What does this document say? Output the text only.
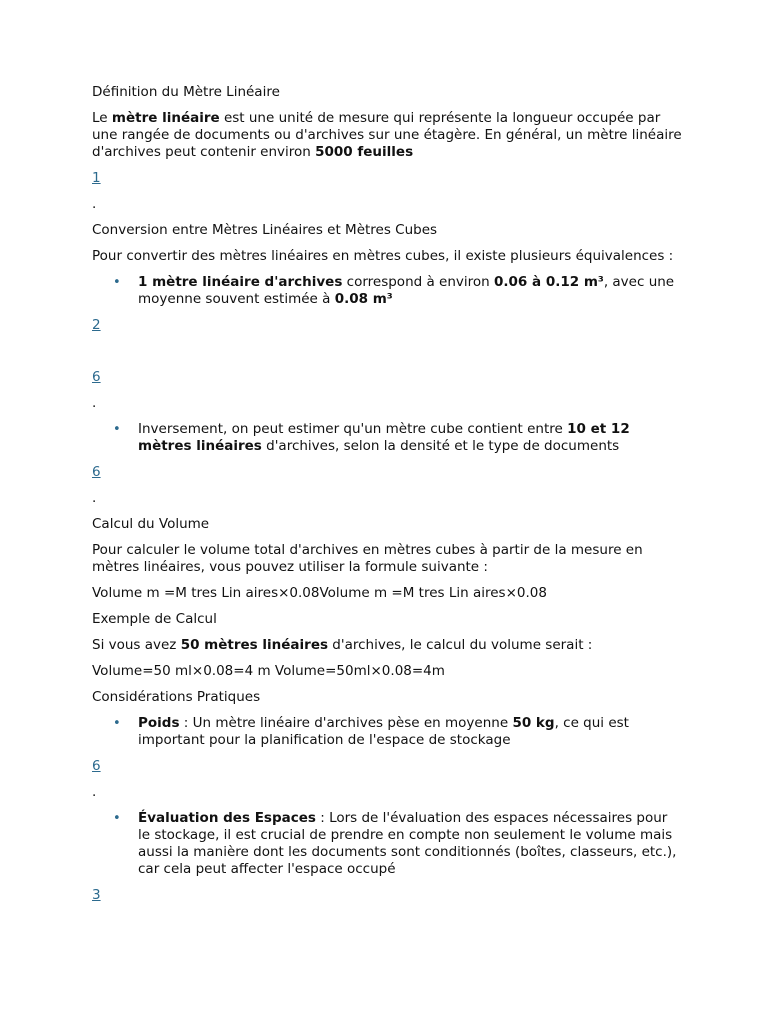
Définition du Mètre Linéaire

Le mètre linéaire est une unité de mesure qui représente la longueur occupée par une rangée de documents ou d'archives sur une étagère. En général, un mètre linéaire d'archives peut contenir environ 5000 feuilles

1

.

Conversion entre Mètres Linéaires et Mètres Cubes

Pour convertir des mètres linéaires en mètres cubes, il existe plusieurs équivalences :

• 1 mètre linéaire d'archives correspond à environ 0.06 à 0.12 m³, avec une moyenne souvent estimée à 0.08 m³

2

6

.

• Inversement, on peut estimer qu'un mètre cube contient entre 10 et 12 mètres linéaires d'archives, selon la densité et le type de documents

6

.

Calcul du Volume

Pour calculer le volume total d'archives en mètres cubes à partir de la mesure en mètres linéaires, vous pouvez utiliser la formule suivante :

Volume m =M tres Lin aires×0.08Volume m =M tres Lin aires×0.08

Exemple de Calcul

Si vous avez 50 mètres linéaires d'archives, le calcul du volume serait :

Volume=50 ml×0.08=4 m Volume=50ml×0.08=4m

Considérations Pratiques

• Poids : Un mètre linéaire d'archives pèse en moyenne 50 kg, ce qui est important pour la planification de l'espace de stockage

6

.

• Évaluation des Espaces : Lors de l'évaluation des espaces nécessaires pour le stockage, il est crucial de prendre en compte non seulement le volume mais aussi la manière dont les documents sont conditionnés (boîtes, classeurs, etc.), car cela peut affecter l'espace occupé

3
